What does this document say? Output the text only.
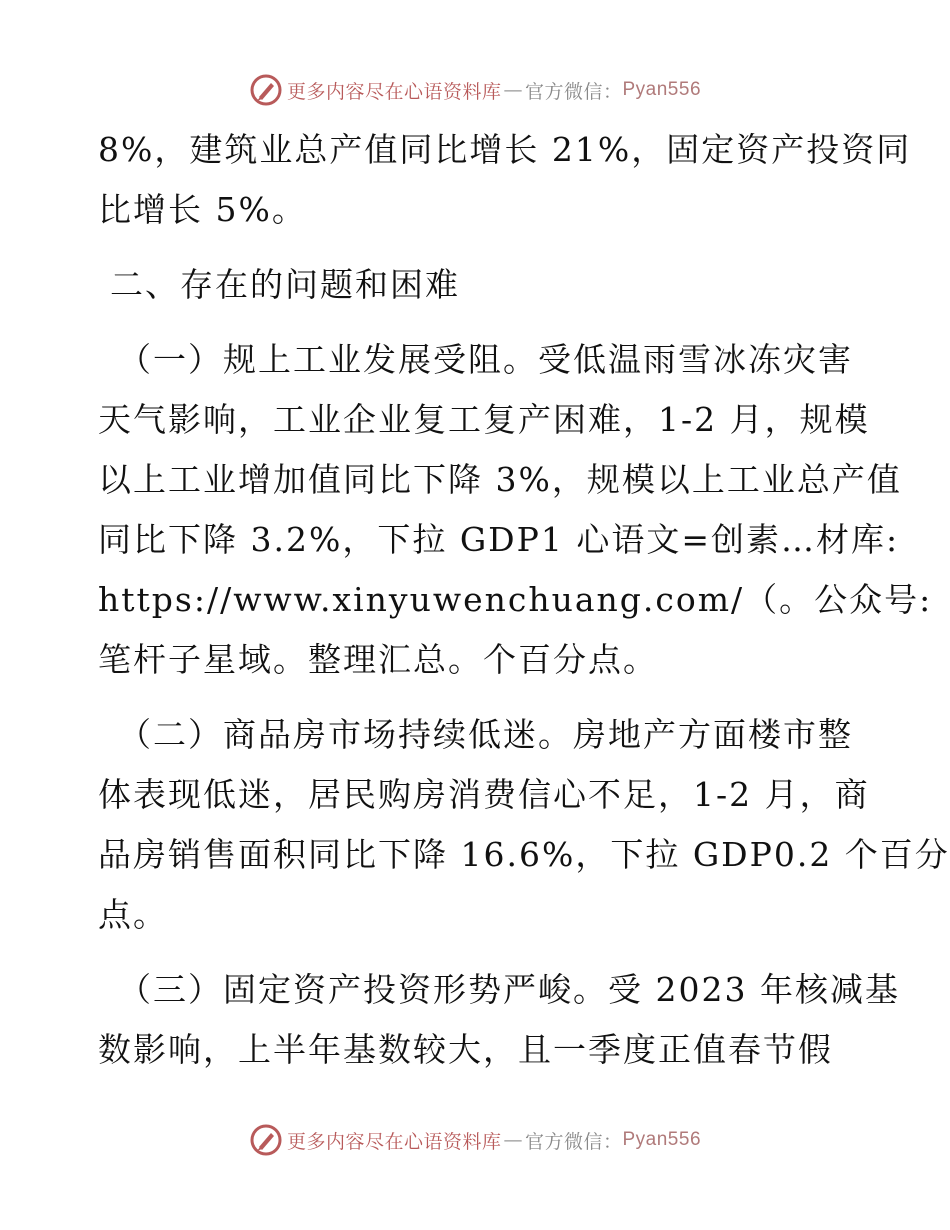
更多内容尽在心语资料库 — 官方微信： Pyan556
8%，建筑业总产值同比增长 21%，固定资产投资同
比增长 5%。
二、存在的问题和困难
（一）规上工业发展受阻。受低温雨雪冰冻灾害
天气影响，工业企业复工复产困难，1-2 月，规模
以上工业增加值同比下降 3%，规模以上工业总产值
同比下降 3.2%，下拉 GDP1 心语文=创素…材库:
https://www.xinyuwenchuang.com/（。公众号:
笔杆子星域。整理汇总。个百分点。
（二）商品房市场持续低迷。房地产方面楼市整
体表现低迷，居民购房消费信心不足，1-2 月，商
品房销售面积同比下降 16.6%，下拉 GDP0.2 个百分
点。
（三）固定资产投资形势严峻。受 2023 年核减基
数影响，上半年基数较大，且一季度正值春节假
更多内容尽在心语资料库 — 官方微信： Pyan556
